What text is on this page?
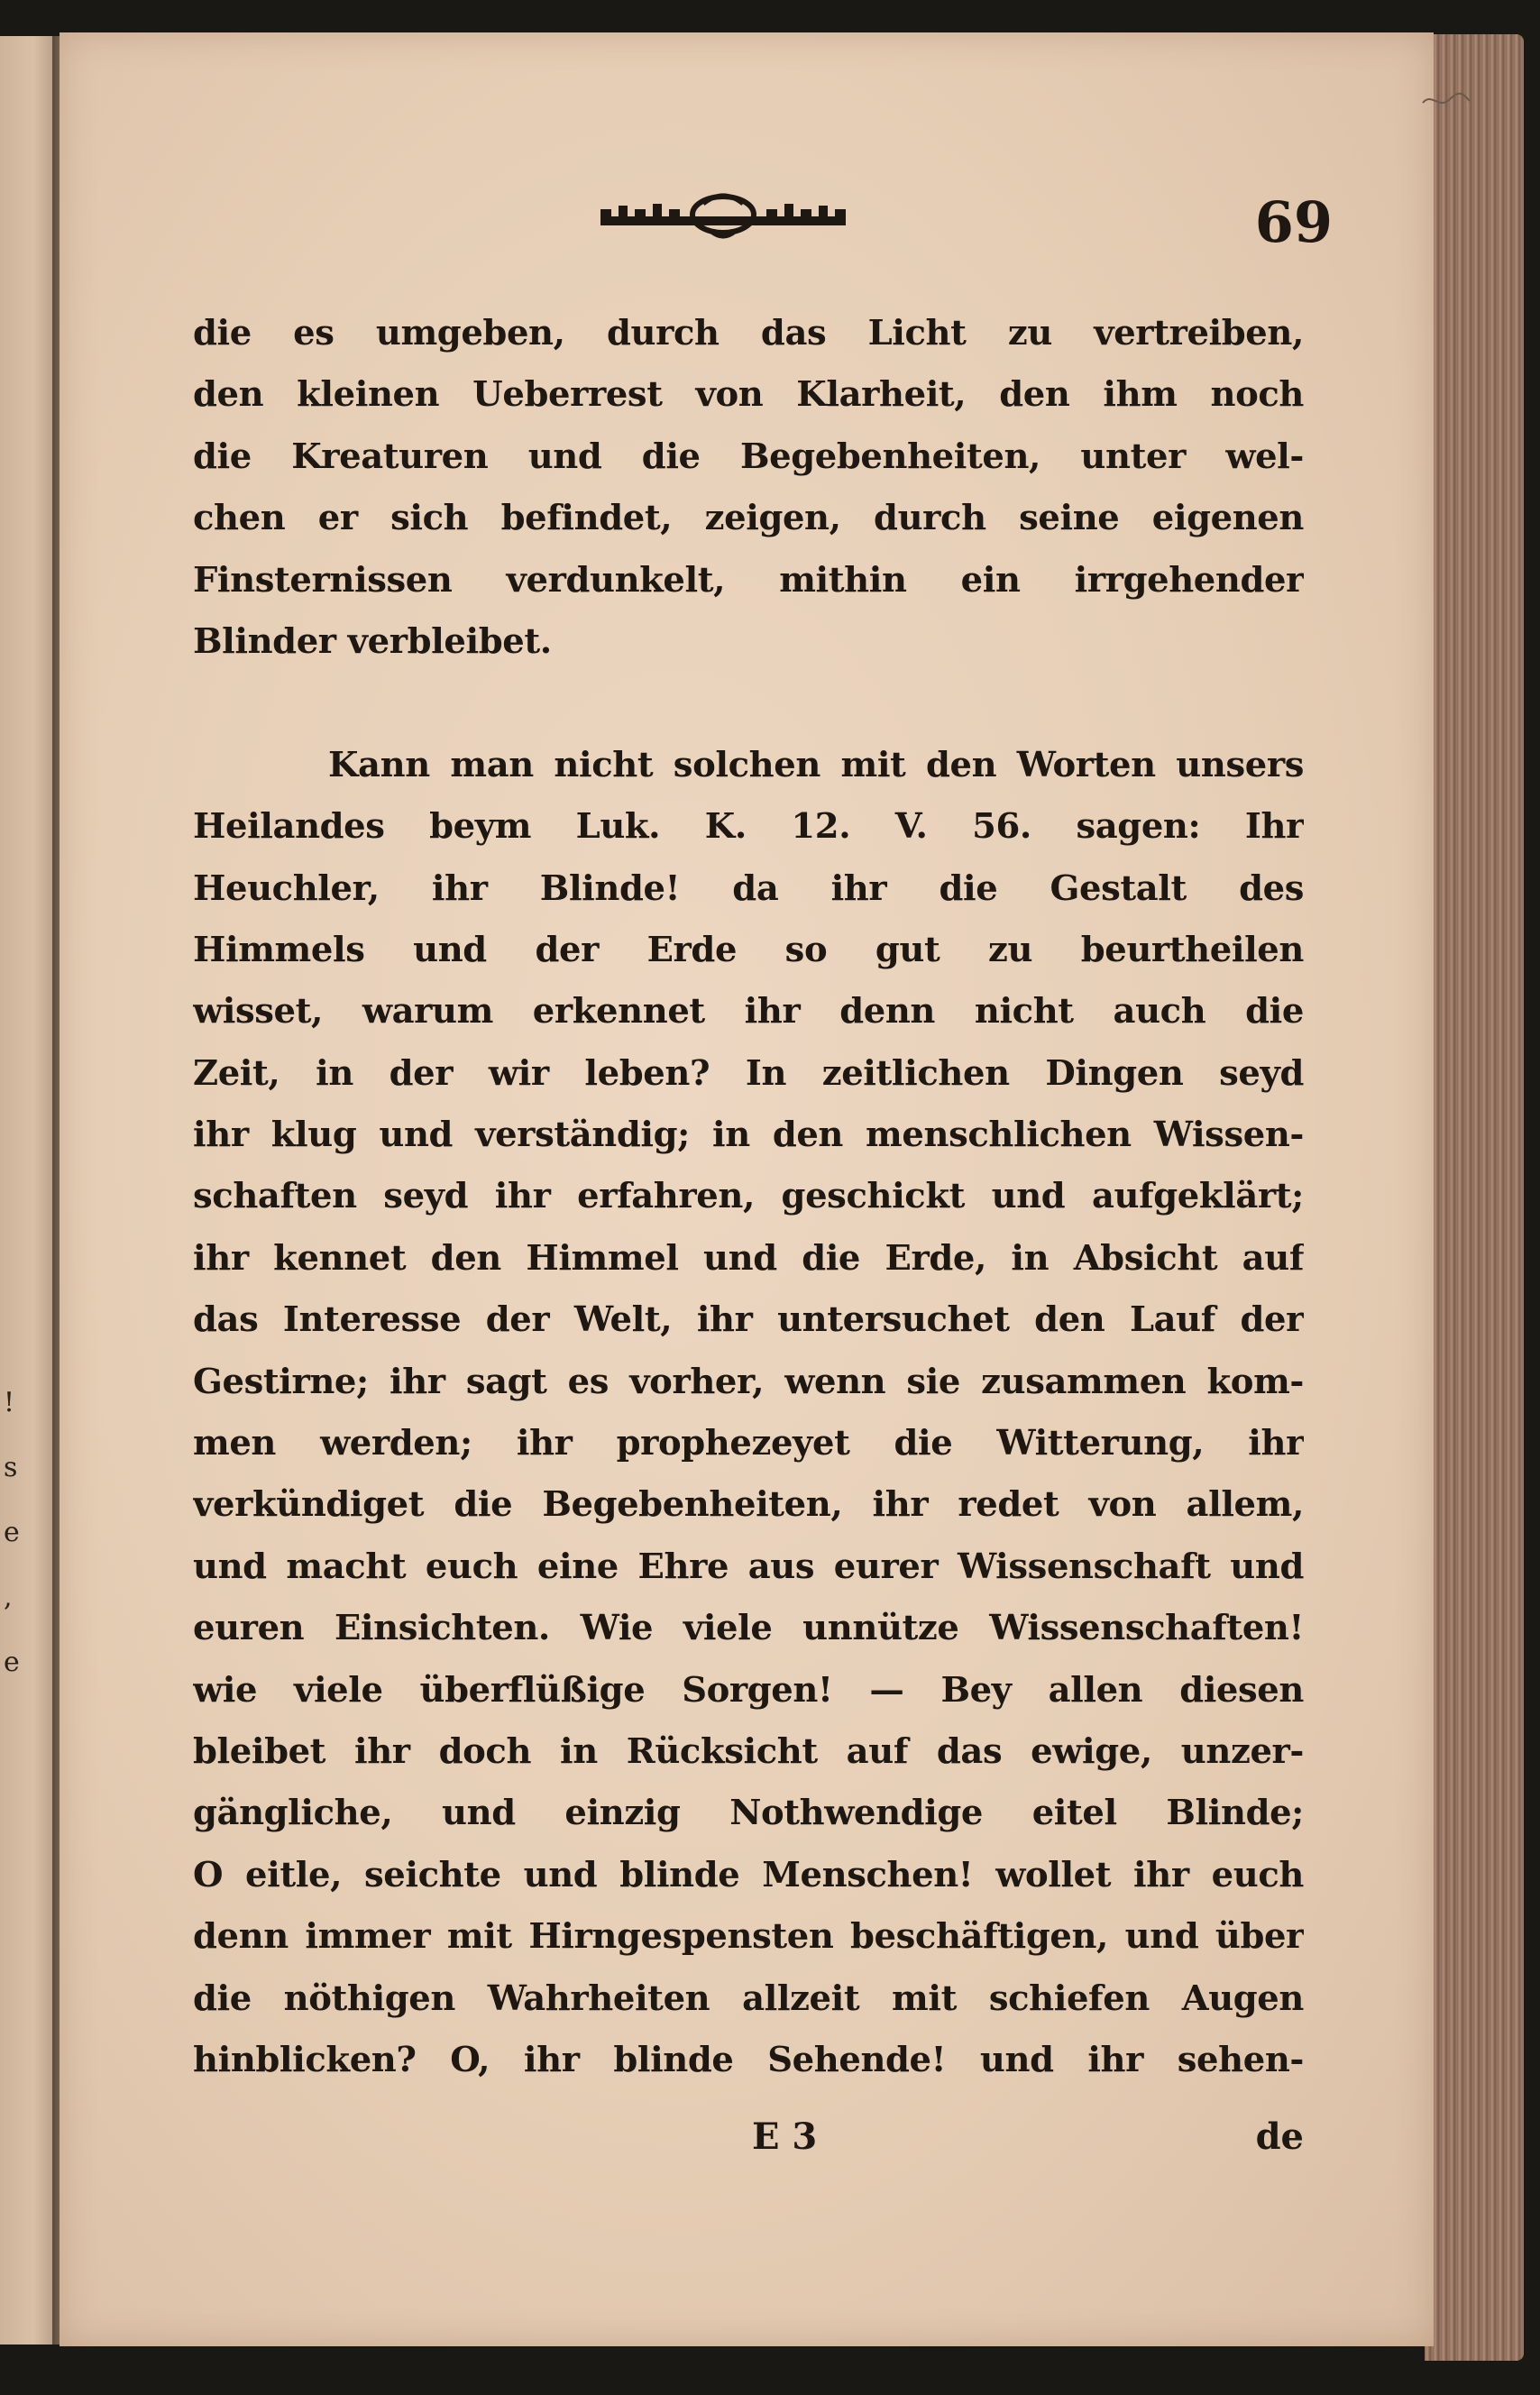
!
s
e
,
e
69
die es umgeben, durch das Licht zu vertreiben,
den kleinen Ueberrest von Klarheit, den ihm noch
die Kreaturen und die Begebenheiten, unter wel-
chen er sich befindet, zeigen, durch seine eigenen
Finsternissen verdunkelt, mithin ein irrgehender
Blinder verbleibet.
Kann man nicht solchen mit den Worten unsers
Heilandes beym Luk. K. 12. V. 56. sagen: Ihr
Heuchler, ihr Blinde! da ihr die Gestalt des
Himmels und der Erde so gut zu beurtheilen
wisset, warum erkennet ihr denn nicht auch die
Zeit, in der wir leben? In zeitlichen Dingen seyd
ihr klug und verständig; in den menschlichen Wissen-
schaften seyd ihr erfahren, geschickt und aufgeklärt;
ihr kennet den Himmel und die Erde, in Absicht auf
das Interesse der Welt, ihr untersuchet den Lauf der
Gestirne; ihr sagt es vorher, wenn sie zusammen kom-
men werden; ihr prophezeyet die Witterung, ihr
verkündiget die Begebenheiten, ihr redet von allem,
und macht euch eine Ehre aus eurer Wissenschaft und
euren Einsichten. Wie viele unnütze Wissenschaften!
wie viele überflüßige Sorgen! — Bey allen diesen
bleibet ihr doch in Rücksicht auf das ewige, unzer-
gängliche, und einzig Nothwendige eitel Blinde;
O eitle, seichte und blinde Menschen! wollet ihr euch
denn immer mit Hirngespensten beschäftigen, und über
die nöthigen Wahrheiten allzeit mit schiefen Augen
hinblicken? O, ihr blinde Sehende! und ihr sehen-
E 3	de
